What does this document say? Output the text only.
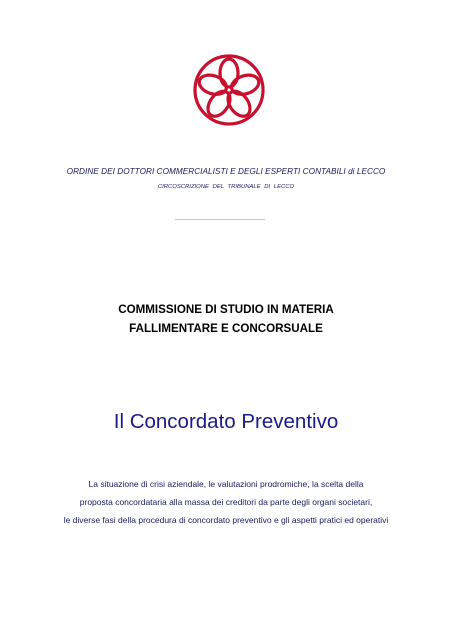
ORDINE DEI DOTTORI COMMERCIALISTI E DEGLI ESPERTI CONTABILI di LECCO
CIRCOSCRIZIONE DEL TRIBUNALE DI LECCO
COMMISSIONE DI STUDIO IN MATERIA
FALLIMENTARE E CONCORSUALE
Il Concordato Preventivo
La situazione di crisi aziendale, le valutazioni prodromiche, la scelta della
proposta concordataria alla massa dei creditori da parte degli organi societari,
le diverse fasi della procedura di concordato preventivo e gli aspetti pratici ed operativi
